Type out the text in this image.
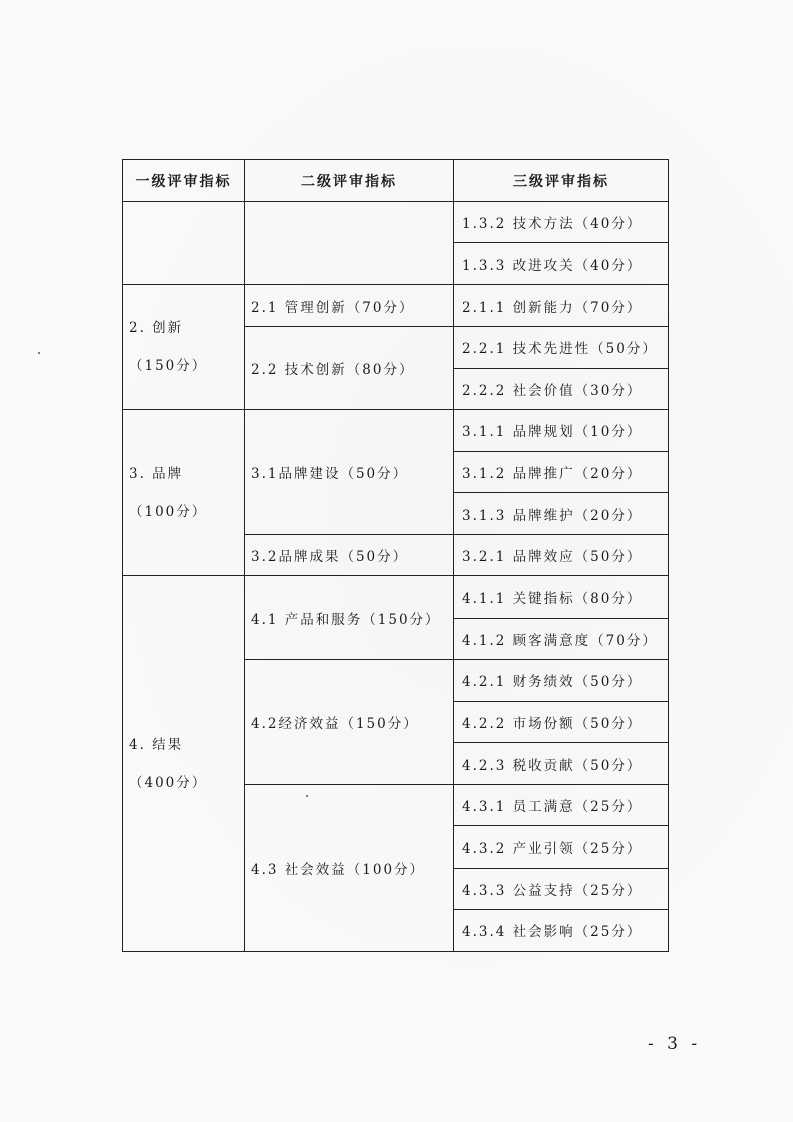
一级评审指标	二级评审指标	三级评审指标
		1.3.2 技术方法（40分）
		1.3.3 改进攻关（40分）

2. 创新
（150分）	2.1 管理创新（70分）	2.1.1 创新能力（70分）
	2.2 技术创新（80分）	2.2.1 技术先进性（50分）
		2.2.2 社会价值（30分）

3. 品牌
（100分）	3.1品牌建设（50分）	3.1.1 品牌规划（10分）
		3.1.2 品牌推广（20分）
		3.1.3 品牌维护（20分）
	3.2品牌成果（50分）	3.2.1 品牌效应（50分）

4. 结果
（400分）	4.1 产品和服务（150分）	4.1.1 关键指标（80分）
		4.1.2 顾客满意度（70分）
	4.2经济效益（150分）	4.2.1 财务绩效（50分）
		4.2.2 市场份额（50分）
		4.2.3 税收贡献（50分）
	4.3 社会效益（100分）	4.3.1 员工满意（25分）
		4.3.2 产业引领（25分）
		4.3.3 公益支持（25分）
		4.3.4 社会影响（25分）
- 3 -
